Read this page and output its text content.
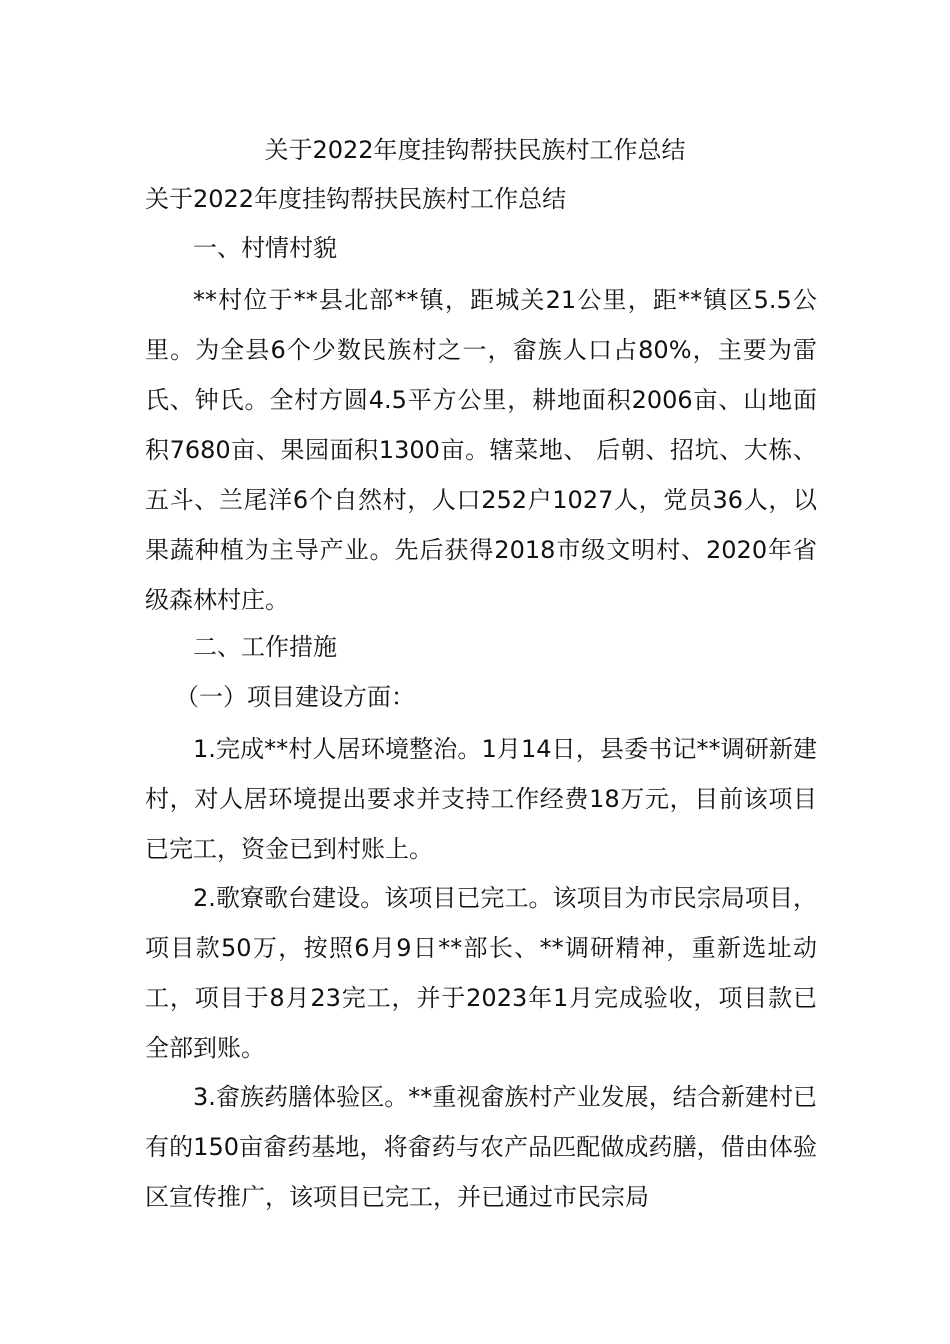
关于2022年度挂钩帮扶民族村工作总结
关于2022年度挂钩帮扶民族村工作总结
一、村情村貌
**村位于**县北部**镇，距城关21公里，距**镇区5.5公里。为全县6个少数民族村之一，畲族人口占80%，主要为雷氏、钟氏。全村方圆4.5平方公里，耕地面积2006亩、山地面积7680亩、果园面积1300亩。辖菜地、 后朝、招坑、大栋、五斗、兰尾洋6个自然村，人口252户1027人，党员36人，以果蔬种植为主导产业。先后获得2018市级文明村、2020年省级森林村庄。
二、工作措施
（一）项目建设方面：
1.完成**村人居环境整治。1月14日，县委书记**调研新建村，对人居环境提出要求并支持工作经费18万元，目前该项目已完工，资金已到村账上。
2.歌寮歌台建设。该项目已完工。该项目为市民宗局项目，项目款50万，按照6月9日**部长、**调研精神，重新选址动工，项目于8月23完工，并于2023年1月完成验收，项目款已全部到账。
3.畲族药膳体验区。**重视畲族村产业发展，结合新建村已有的150亩畲药基地，将畲药与农产品匹配做成药膳，借由体验区宣传推广，该项目已完工，并已通过市民宗局
